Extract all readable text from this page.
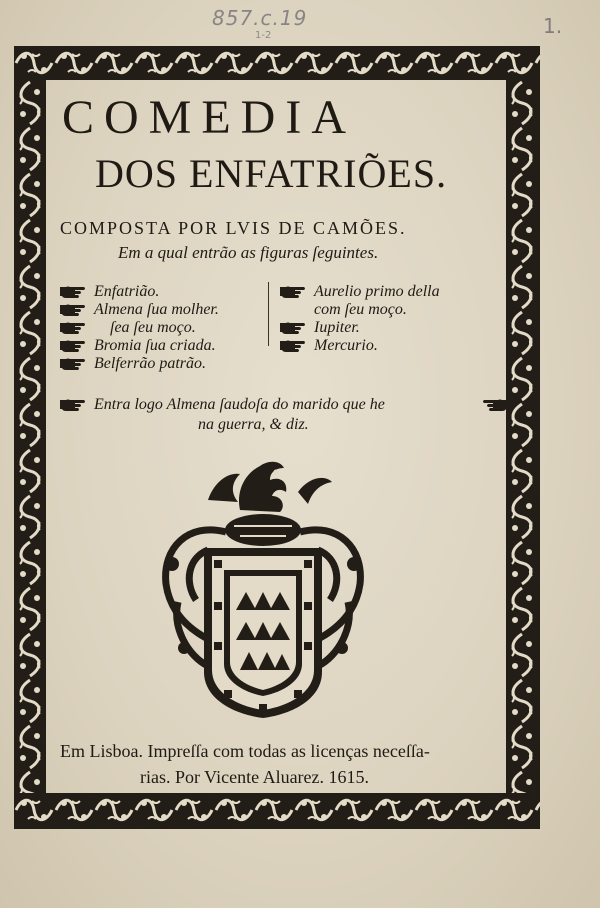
857.c.19
1-2	1.
COMEDIA
DOS ENFATRIÕES.
COMPOSTA POR LVIS DE CAMÕES.
Em a qual entrão as figuras ſeguintes.
Enfatrião.
Almena ſua molher.
ſea ſeu moço.
Bromia ſua criada.
Belferrão patrão.
Aurelio primo della
com ſeu moço.
Iupiter.
Mercurio.
Entra logo Almena ſaudoſa do marido que he
na guerra, & diz.
Em Lisboa. Impreſſa com todas as licenças neceſſa-
rias. Por Vicente Aluarez. 1615.
